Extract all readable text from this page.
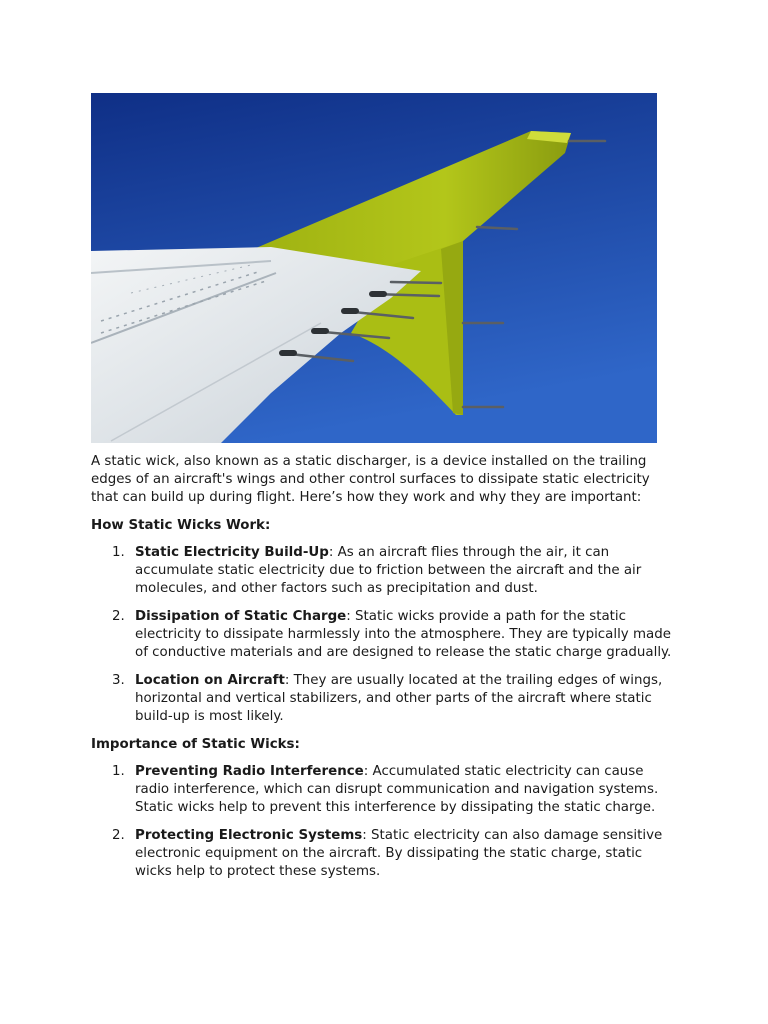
A static wick, also known as a static discharger, is a device installed on the trailing edges of an aircraft's wings and other control surfaces to dissipate static electricity that can build up during flight. Here’s how they work and why they are important:

How Static Wicks Work:

1. Static Electricity Build-Up: As an aircraft flies through the air, it can accumulate static electricity due to friction between the aircraft and the air molecules, and other factors such as precipitation and dust.
2. Dissipation of Static Charge: Static wicks provide a path for the static electricity to dissipate harmlessly into the atmosphere. They are typically made of conductive materials and are designed to release the static charge gradually.
3. Location on Aircraft: They are usually located at the trailing edges of wings, horizontal and vertical stabilizers, and other parts of the aircraft where static build-up is most likely.

Importance of Static Wicks:

1. Preventing Radio Interference: Accumulated static electricity can cause radio interference, which can disrupt communication and navigation systems. Static wicks help to prevent this interference by dissipating the static charge.
2. Protecting Electronic Systems: Static electricity can also damage sensitive electronic equipment on the aircraft. By dissipating the static charge, static wicks help to protect these systems.
